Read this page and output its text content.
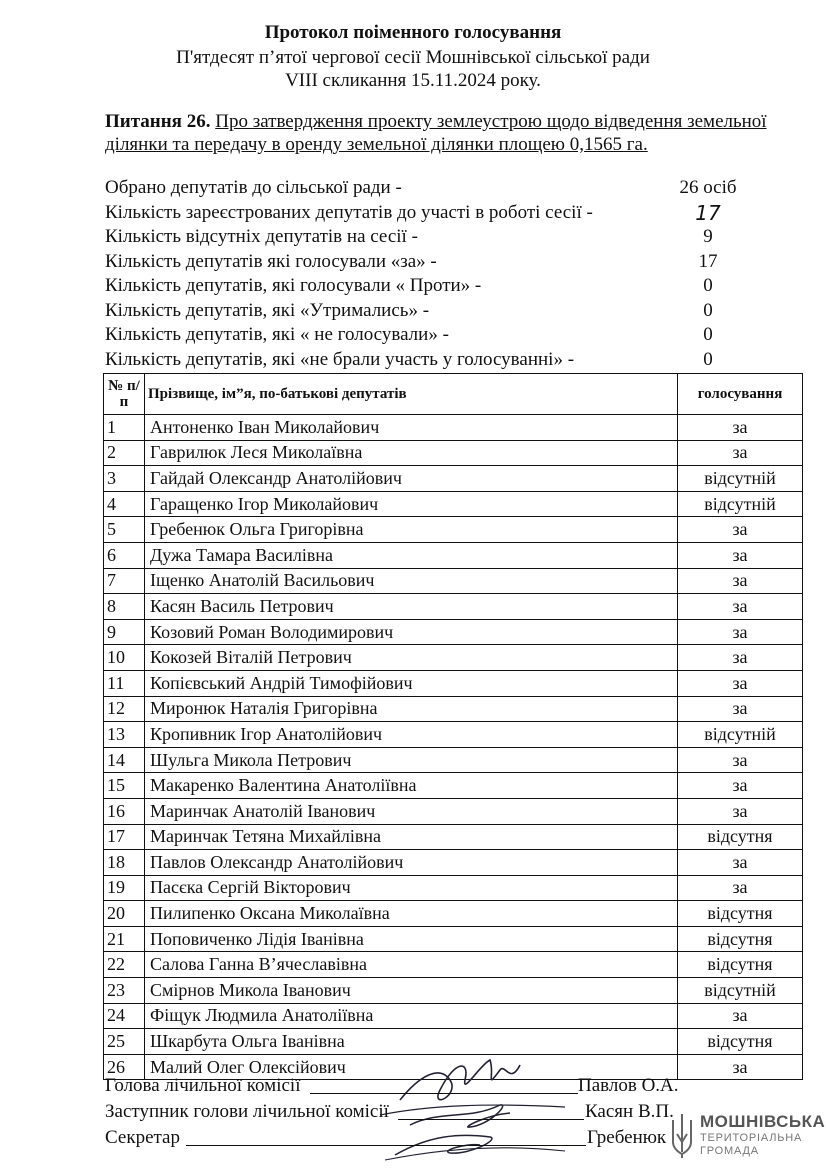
Протокол поіменного голосування
П'ятдесят п’ятої чергової сесії Мошнівської сільської ради
VIII скликання 15.11.2024 року.
Питання 26. Про затвердження проекту землеустрою щодо відведення земельної ділянки та передачу в оренду земельної ділянки площею 0,1565 га.
Обрано депутатів до сільської ради -	26 осіб
Кількість зареєстрованих депутатів до участі в роботі сесії -	17
Кількість відсутніх депутатів на сесії -	9
Кількість депутатів які голосували «за» -	17
Кількість депутатів, які голосували « Проти» -	0
Кількість депутатів, які «Утримались» -	0
Кількість депутатів, які « не голосували» -	0
Кількість депутатів, які «не брали участь у голосуванні» -	0
№ п/п	Прізвище, ім”я, по-батькові депутатів	голосування
1	Антоненко Іван Миколайович	за
2	Гаврилюк Леся Миколаївна	за
3	Гайдай Олександр Анатолійович	відсутній
4	Гаращенко Ігор Миколайович	відсутній
5	Гребенюк Ольга Григорівна	за
6	Дужа Тамара Василівна	за
7	Іщенко Анатолій Васильович	за
8	Касян Василь Петрович	за
9	Козовий Роман Володимирович	за
10	Кокозей Віталій Петрович	за
11	Копієвський Андрій Тимофійович	за
12	Миронюк Наталія Григорівна	за
13	Кропивник Ігор Анатолійович	відсутній
14	Шульга Микола Петрович	за
15	Макаренко Валентина Анатоліївна	за
16	Маринчак Анатолій Іванович	за
17	Маринчак Тетяна Михайлівна	відсутня
18	Павлов Олександр Анатолійович	за
19	Пасєка Сергій Вікторович	за
20	Пилипенко Оксана Миколаївна	відсутня
21	Поповиченко Лідія Іванівна	відсутня
22	Салова Ганна В’ячеславівна	відсутня
23	Смірнов Микола Іванович	відсутній
24	Фіщук Людмила Анатоліївна	за
25	Шкарбута Ольга Іванівна	відсутня
26	Малий Олег Олексійович	за
Голова лічильної комісії	Павлов О.А.
Заступник голови лічильної комісії	Касян В.П.
Секретар	Гребенюк
МОШНІВСЬКА
ТЕРИТОРІАЛЬНА
ГРОМАДА
